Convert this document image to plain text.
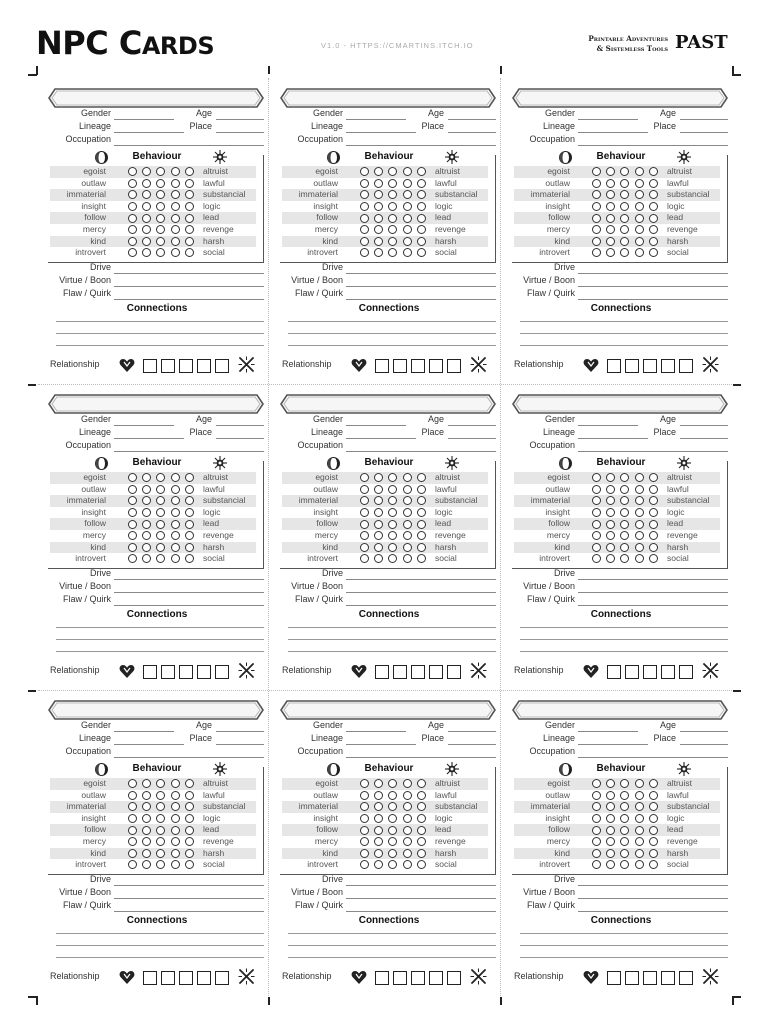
NPC CARDS	V1.0 - HTTPS://CMARTINS.ITCH.IO
Printable Adventures
& Sistemless Tools PAST
Gender	Age
Lineage	Place
Occupation
Behaviour
egoist	altruist
outlaw	lawful
immaterial	substancial
insight	logic
follow	lead
mercy	revenge
kind	harsh
introvert	social
Drive
Virtue / Boon
Flaw / Quirk
Connections
Relationship
Gender	Age
Lineage	Place
Occupation
Behaviour
egoist	altruist
outlaw	lawful
immaterial	substancial
insight	logic
follow	lead
mercy	revenge
kind	harsh
introvert	social
Drive
Virtue / Boon
Flaw / Quirk
Connections
Relationship
Gender	Age
Lineage	Place
Occupation
Behaviour
egoist	altruist
outlaw	lawful
immaterial	substancial
insight	logic
follow	lead
mercy	revenge
kind	harsh
introvert	social
Drive
Virtue / Boon
Flaw / Quirk
Connections
Relationship
Gender	Age
Lineage	Place
Occupation
Behaviour
egoist	altruist
outlaw	lawful
immaterial	substancial
insight	logic
follow	lead
mercy	revenge
kind	harsh
introvert	social
Drive
Virtue / Boon
Flaw / Quirk
Connections
Relationship
Gender	Age
Lineage	Place
Occupation
Behaviour
egoist	altruist
outlaw	lawful
immaterial	substancial
insight	logic
follow	lead
mercy	revenge
kind	harsh
introvert	social
Drive
Virtue / Boon
Flaw / Quirk
Connections
Relationship
Gender	Age
Lineage	Place
Occupation
Behaviour
egoist	altruist
outlaw	lawful
immaterial	substancial
insight	logic
follow	lead
mercy	revenge
kind	harsh
introvert	social
Drive
Virtue / Boon
Flaw / Quirk
Connections
Relationship
Gender	Age
Lineage	Place
Occupation
Behaviour
egoist	altruist
outlaw	lawful
immaterial	substancial
insight	logic
follow	lead
mercy	revenge
kind	harsh
introvert	social
Drive
Virtue / Boon
Flaw / Quirk
Connections
Relationship
Gender	Age
Lineage	Place
Occupation
Behaviour
egoist	altruist
outlaw	lawful
immaterial	substancial
insight	logic
follow	lead
mercy	revenge
kind	harsh
introvert	social
Drive
Virtue / Boon
Flaw / Quirk
Connections
Relationship
Gender	Age
Lineage	Place
Occupation
Behaviour
egoist	altruist
outlaw	lawful
immaterial	substancial
insight	logic
follow	lead
mercy	revenge
kind	harsh
introvert	social
Drive
Virtue / Boon
Flaw / Quirk
Connections
Relationship
